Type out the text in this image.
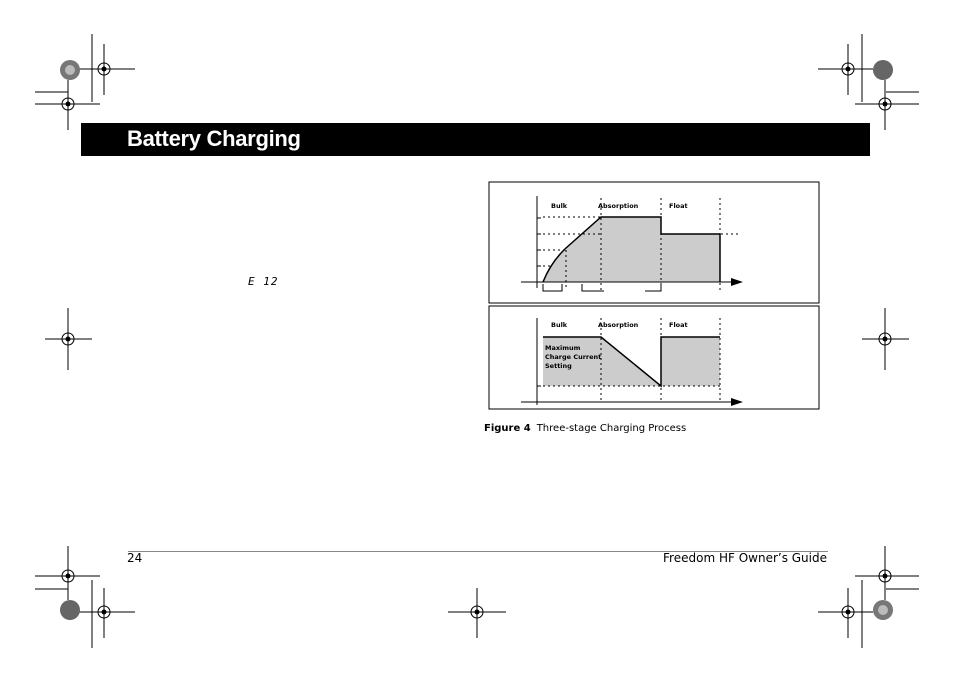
Battery Charging
E 12
Bulk	Absorption	Float
Bulk	Absorption	Float
Maximum
Charge Current
Setting
Figure 4 Three-stage Charging Process
24	Freedom HF Owner’s Guide
